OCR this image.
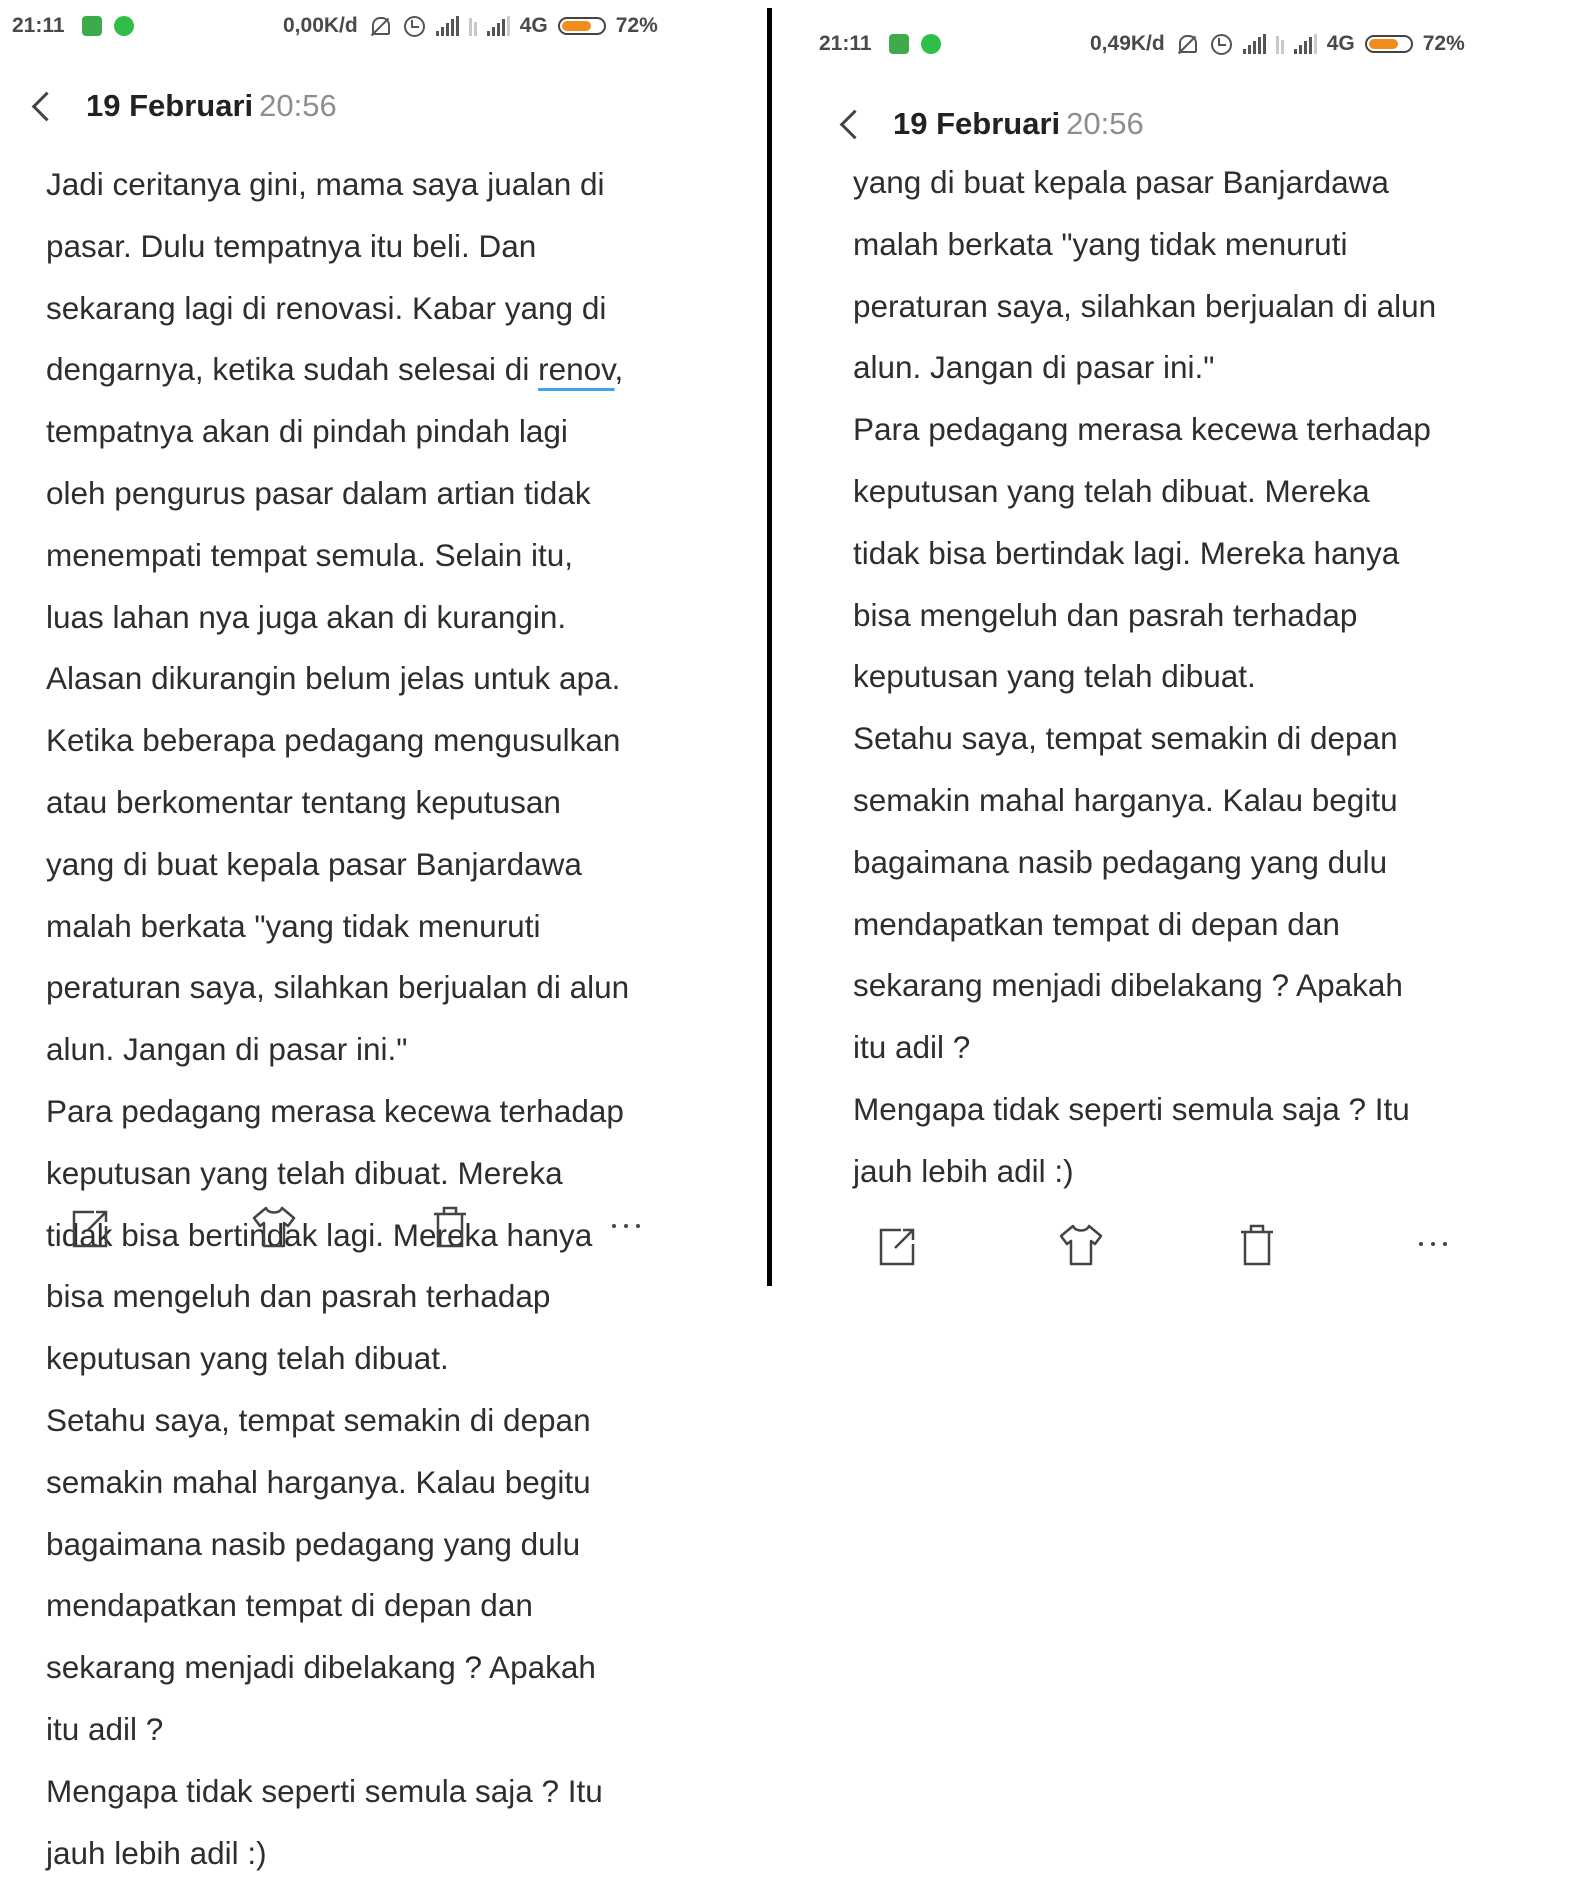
21:11	0,00K/d	4G	72%
19 Februari 20:56
Jadi ceritanya gini, mama saya jualan di
pasar. Dulu tempatnya itu beli. Dan
sekarang lagi di renovasi. Kabar yang di
dengarnya, ketika sudah selesai di renov,
tempatnya akan di pindah pindah lagi
oleh pengurus pasar dalam artian tidak
menempati tempat semula. Selain itu,
luas lahan nya juga akan di kurangin.
Alasan dikurangin belum jelas untuk apa.
Ketika beberapa pedagang mengusulkan
atau berkomentar tentang keputusan
yang di buat kepala pasar Banjardawa
malah berkata "yang tidak menuruti
peraturan saya, silahkan berjualan di alun
alun. Jangan di pasar ini."
Para pedagang merasa kecewa terhadap
keputusan yang telah dibuat. Mereka
tidak bisa bertindak lagi. Mereka hanya
bisa mengeluh dan pasrah terhadap
keputusan yang telah dibuat.
Setahu saya, tempat semakin di depan
semakin mahal harganya. Kalau begitu
bagaimana nasib pedagang yang dulu
mendapatkan tempat di depan dan
sekarang menjadi dibelakang ? Apakah
itu adil ?
Mengapa tidak seperti semula saja ? Itu
jauh lebih adil :)
21:11	0,49K/d	4G	72%
19 Februari 20:56
yang di buat kepala pasar Banjardawa
malah berkata "yang tidak menuruti
peraturan saya, silahkan berjualan di alun
alun. Jangan di pasar ini."
Para pedagang merasa kecewa terhadap
keputusan yang telah dibuat. Mereka
tidak bisa bertindak lagi. Mereka hanya
bisa mengeluh dan pasrah terhadap
keputusan yang telah dibuat.
Setahu saya, tempat semakin di depan
semakin mahal harganya. Kalau begitu
bagaimana nasib pedagang yang dulu
mendapatkan tempat di depan dan
sekarang menjadi dibelakang ? Apakah
itu adil ?
Mengapa tidak seperti semula saja ? Itu
jauh lebih adil :)
